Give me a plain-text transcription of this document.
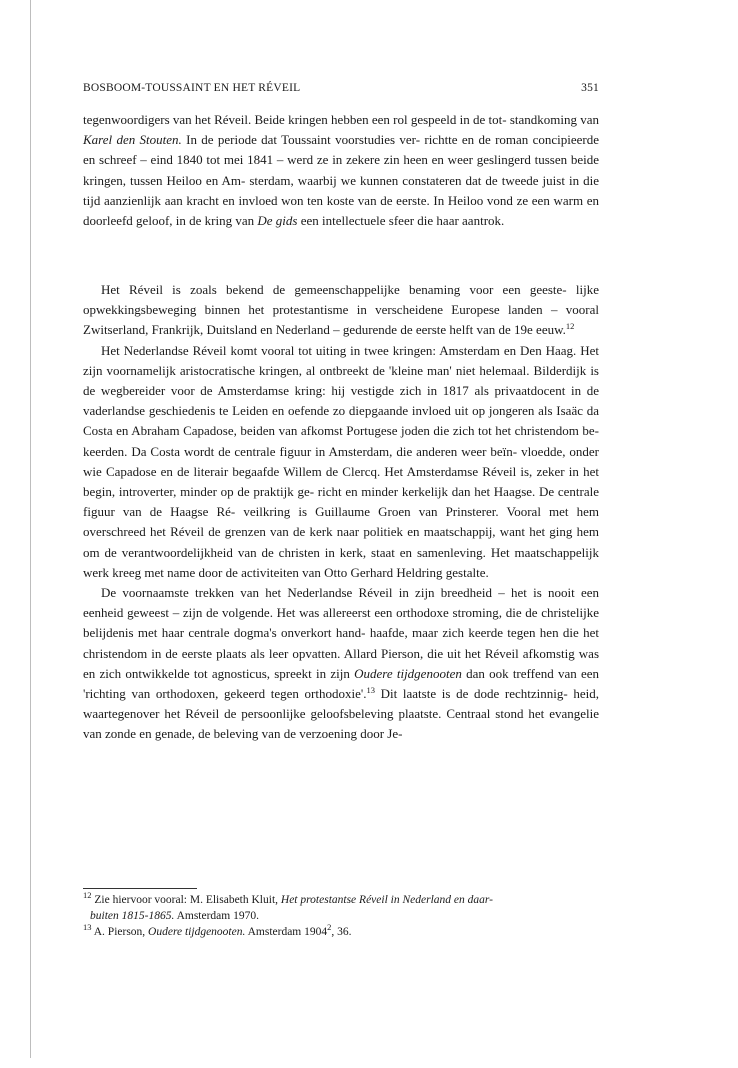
BOSBOOM-TOUSSAINT EN HET RÉVEIL	351

tegenwoordigers van het Réveil. Beide kringen hebben een rol gespeeld in de tot- standkoming van Karel den Stouten. In de periode dat Toussaint voorstudies ver- richtte en de roman concipieerde en schreef – eind 1840 tot mei 1841 – werd ze in zekere zin heen en weer geslingerd tussen beide kringen, tussen Heiloo en Am- sterdam, waarbij we kunnen constateren dat de tweede juist in die tijd aanzienlijk aan kracht en invloed won ten koste van de eerste. In Heiloo vond ze een warm en doorleefd geloof, in de kring van De gids een intellectuele sfeer die haar aantrok.

Het Réveil is zoals bekend de gemeenschappelijke benaming voor een geeste- lijke opwekkingsbeweging binnen het protestantisme in verscheidene Europese landen – vooral Zwitserland, Frankrijk, Duitsland en Nederland – gedurende de eerste helft van de 19e eeuw.$^{12}$

Het Nederlandse Réveil komt vooral tot uiting in twee kringen: Amsterdam en Den Haag. Het zijn voornamelijk aristocratische kringen, al ontbreekt de 'kleine man' niet helemaal. Bilderdijk is de wegbereider voor de Amsterdamse kring: hij vestigde zich in 1817 als privaatdocent in de vaderlandse geschiedenis te Leiden en oefende zo diepgaande invloed uit op jongeren als Isaäc da Costa en Abraham Capadose, beiden van afkomst Portugese joden die zich tot het christendom be- keerden. Da Costa wordt de centrale figuur in Amsterdam, die anderen weer beïn- vloedde, onder wie Capadose en de literair begaafde Willem de Clercq. Het Amsterdamse Réveil is, zeker in het begin, introverter, minder op de praktijk ge- richt en minder kerkelijk dan het Haagse. De centrale figuur van de Haagse Ré- veilkring is Guillaume Groen van Prinsterer. Vooral met hem overschreed het Réveil de grenzen van de kerk naar politiek en maatschappij, want het ging hem om de verantwoordelijkheid van de christen in kerk, staat en samenleving. Het maatschappelijk werk kreeg met name door de activiteiten van Otto Gerhard Heldring gestalte.

De voornaamste trekken van het Nederlandse Réveil in zijn breedheid – het is nooit een eenheid geweest – zijn de volgende. Het was allereerst een orthodoxe stroming, die de christelijke belijdenis met haar centrale dogma's onverkort hand- haafde, maar zich keerde tegen hen die het christendom in de eerste plaats als leer opvatten. Allard Pierson, die uit het Réveil afkomstig was en zich ontwikkelde tot agnosticus, spreekt in zijn Oudere tijdgenooten dan ook treffend van een 'richting van orthodoxen, gekeerd tegen orthodoxie'.$^{13}$ Dit laatste is de dode rechtzinnig- heid, waartegenover het Réveil de persoonlijke geloofsbeleving plaatste. Centraal stond het evangelie van zonde en genade, de beleving van de verzoening door Je-

$^{12}$ Zie hiervoor vooral: M. Elisabeth Kluit, Het protestantse Réveil in Nederland en daar-

buiten 1815-1865. Amsterdam 1970.

$^{13}$ A. Pierson, Oudere tijdgenooten. Amsterdam 1904$^2$, 36.
